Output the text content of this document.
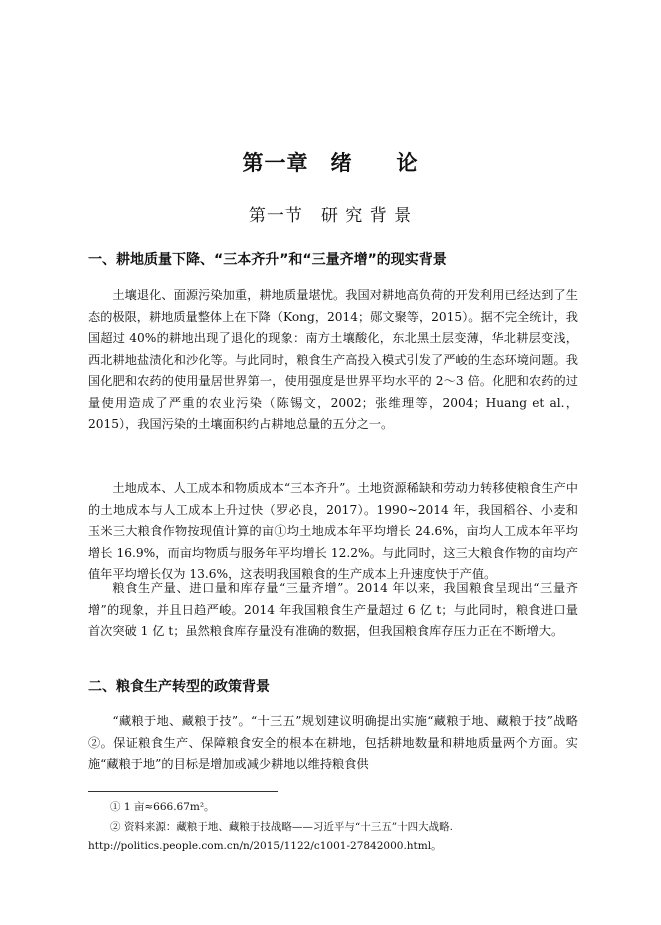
第一章　绪　　论
第一节　研 究 背 景
一、耕地质量下降、“三本齐升”和“三量齐增”的现实背景

土壤退化、面源污染加重，耕地质量堪忧。我国对耕地高负荷的开发利用已经达到了生态的极限，耕地质量整体上在下降（Kong，2014；郧文聚等，2015）。据不完全统计，我国超过 40%的耕地出现了退化的现象：南方土壤酸化，东北黑土层变薄，华北耕层变浅，西北耕地盐渍化和沙化等。与此同时，粮食生产高投入模式引发了严峻的生态环境问题。我国化肥和农药的使用量居世界第一，使用强度是世界平均水平的 2～3 倍。化肥和农药的过量使用造成了严重的农业污染（陈锡文，2002；张维理等，2004；Huang et al.，2015），我国污染的土壤面积约占耕地总量的五分之一。

土地成本、人工成本和物质成本“三本齐升”。土地资源稀缺和劳动力转移使粮食生产中的土地成本与人工成本上升过快（罗必良，2017）。1990~2014 年，我国稻谷、小麦和玉米三大粮食作物按现值计算的亩①均土地成本年平均增长 24.6%，亩均人工成本年平均增长 16.9%，而亩均物质与服务年平均增长 12.2%。与此同时，这三大粮食作物的亩均产值年平均增长仅为 13.6%，这表明我国粮食的生产成本上升速度快于产值。

粮食生产量、进口量和库存量“三量齐增”。2014 年以来，我国粮食呈现出“三量齐增”的现象，并且日趋严峻。2014 年我国粮食生产量超过 6 亿 t；与此同时，粮食进口量首次突破 1 亿 t；虽然粮食库存量没有准确的数据，但我国粮食库存压力正在不断增大。

二、粮食生产转型的政策背景

“藏粮于地、藏粮于技”。“十三五”规划建议明确提出实施“藏粮于地、藏粮于技”战略②。保证粮食生产、保障粮食安全的根本在耕地，包括耕地数量和耕地质量两个方面。实施“藏粮于地”的目标是增加或减少耕地以维持粮食供

① 1 亩≈666.67m²。

② 资料来源：藏粮于地、藏粮于技战略——习近平与“十三五”十四大战略. http://politics.people.com.cn/n/2015/1122/c1001-27842000.html。
